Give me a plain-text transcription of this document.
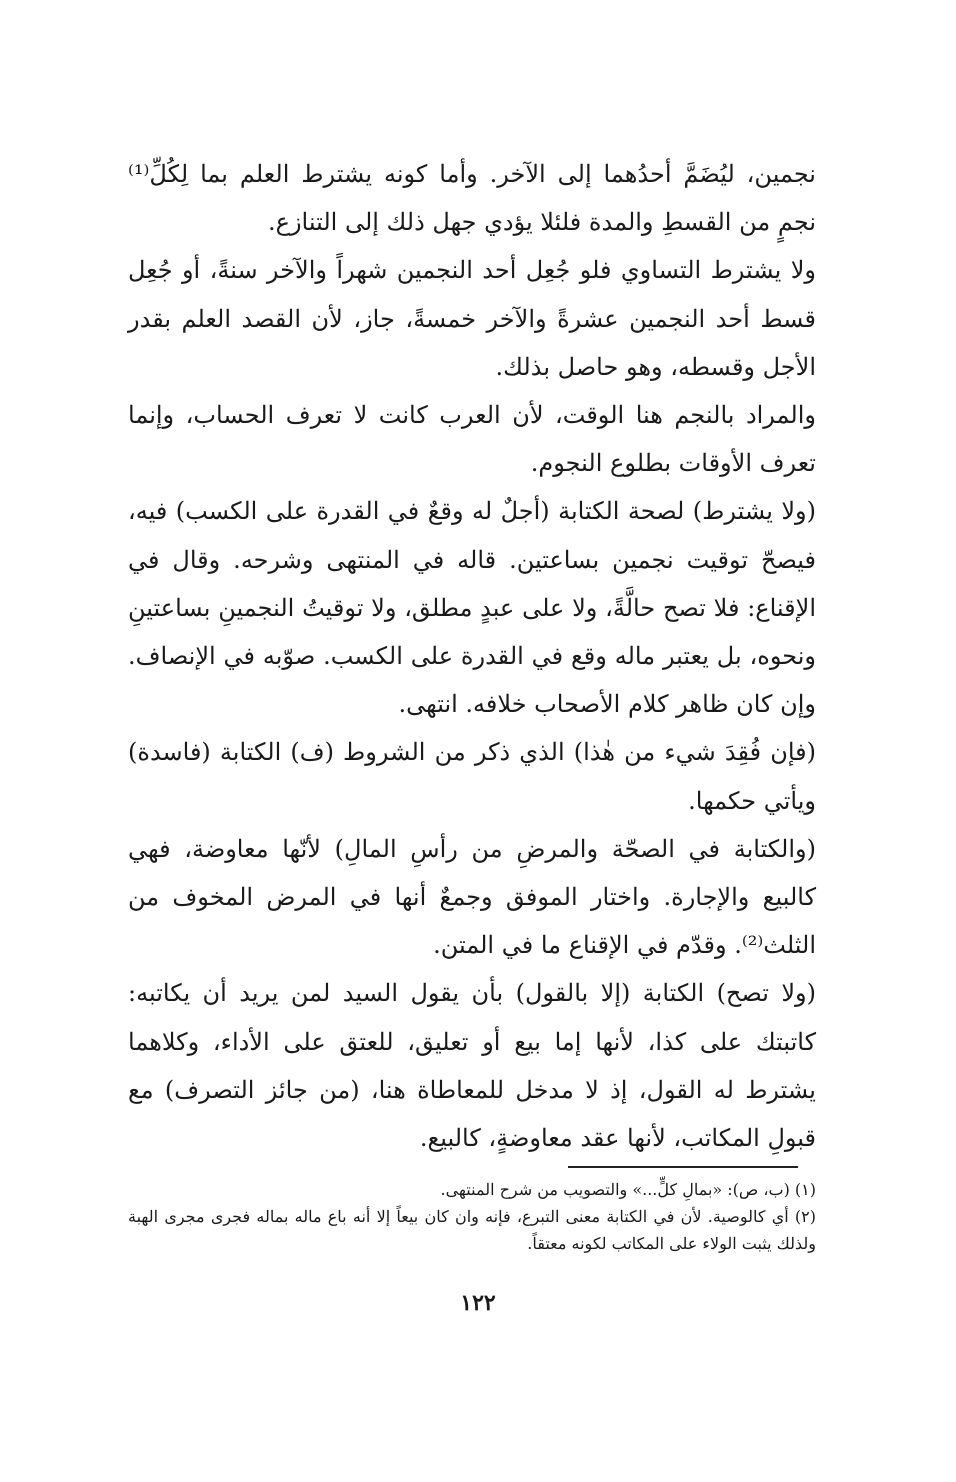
نجمين، ليُضَمَّ أحدُهما إلى الآخر. وأما كونه يشترط العلم بما لِكُلِّ⁽¹⁾ نجمٍ من القسطِ والمدة فلئلا يؤدي جهل ذلك إلى التنازع.

ولا يشترط التساوي فلو جُعِل أحد النجمين شهراً والآخر سنةً، أو جُعِل قسط أحد النجمين عشرةً والآخر خمسةً، جاز، لأن القصد العلم بقدر الأجل وقسطه، وهو حاصل بذلك.

والمراد بالنجم هنا الوقت، لأن العرب كانت لا تعرف الحساب، وإنما تعرف الأوقات بطلوع النجوم.

(ولا يشترط) لصحة الكتابة (أجلٌ له وقعٌ في القدرة على الكسب) فيه، فيصحّ توقيت نجمين بساعتين. قاله في المنتهى وشرحه. وقال في الإقناع: فلا تصح حالَّةً، ولا على عبدٍ مطلق، ولا توقيتُ النجمينِ بساعتينِ ونحوه، بل يعتبر ماله وقع في القدرة على الكسب. صوّبه في الإنصاف. وإن كان ظاهر كلام الأصحاب خلافه. انتهى.

(فإن فُقِدَ شيء من هٰذا) الذي ذكر من الشروط (ف) الكتابة (فاسدة) ويأتي حكمها.

(والكتابة في الصحّة والمرضِ من رأسِ المالِ) لأنّها معاوضة، فهي كالبيع والإجارة. واختار الموفق وجمعٌ أنها في المرض المخوف من الثلث⁽²⁾. وقدّم في الإقناع ما في المتن.

(ولا تصح) الكتابة (إلا بالقول) بأن يقول السيد لمن يريد أن يكاتبه: كاتبتك على كذا، لأنها إما بيع أو تعليق، للعتق على الأداء، وكلاهما يشترط له القول، إذ لا مدخل للمعاطاة هنا، (من جائز التصرف) مع قبولِ المكاتب، لأنها عقد معاوضةٍ، كالبيع.

(١) (ب، ص): «بمالِ كلٍّ...» والتصويب من شرح المنتهى.

(٢) أي كالوصية. لأن في الكتابة معنى التبرع، فإنه وان كان بيعاً إلا أنه باع ماله بماله فجرى مجرى الهبة ولذلك يثبت الولاء على المكاتب لكونه معتقاً.

١٢٢
